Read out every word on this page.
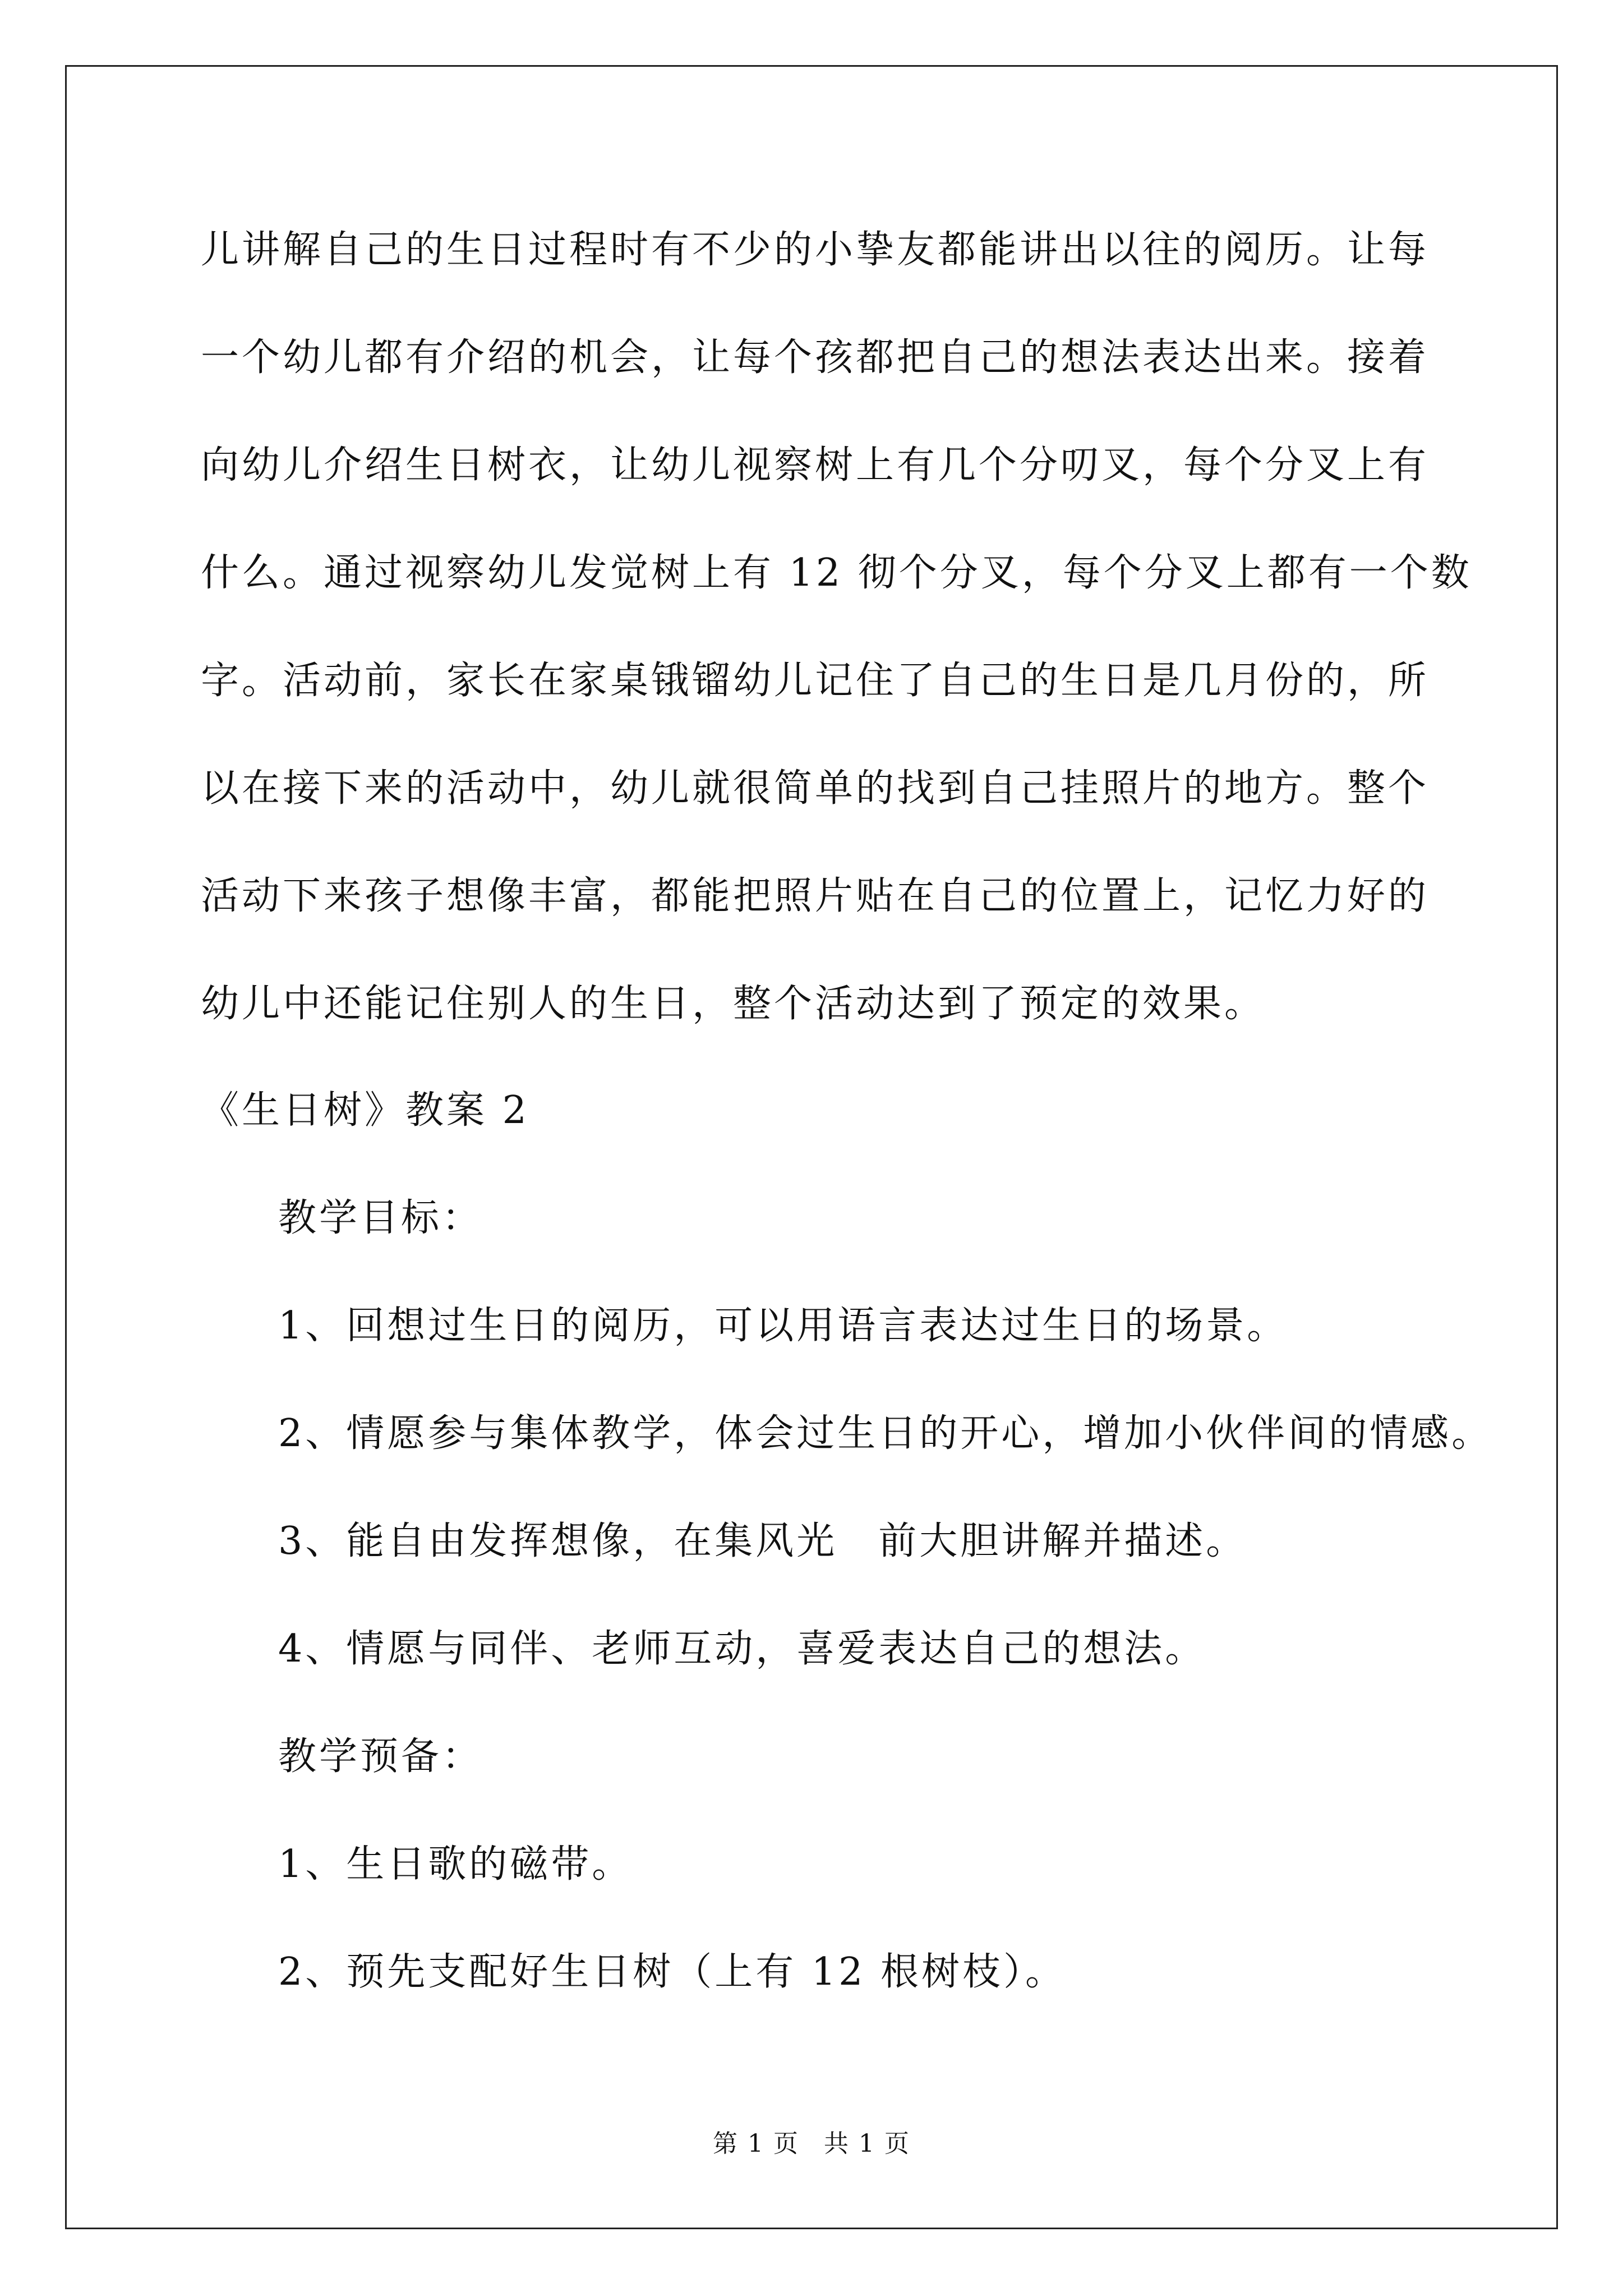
儿讲解自己的生日过程时有不少的小挚友都能讲出以往的阅历。让每
一个幼儿都有介绍的机会，让每个孩都把自己的想法表达出来。接着
向幼儿介绍生日树衣，让幼儿视察树上有几个分叨叉，每个分叉上有
什么。通过视察幼儿发觉树上有 12 彻个分叉，每个分叉上都有一个数
字。活动前，家长在家桌锇镏幼儿记住了自己的生日是几月份的，所
以在接下来的活动中，幼儿就很简单的找到自己挂照片的地方。整个
活动下来孩子想像丰富，都能把照片贴在自己的位置上，记忆力好的
幼儿中还能记住别人的生日，整个活动达到了预定的效果。
《生日树》教案 2
教学目标：
1、回想过生日的阅历，可以用语言表达过生日的场景。
2、情愿参与集体教学，体会过生日的开心，增加小伙伴间的情感。
3、能自由发挥想像，在集风光　前大胆讲解并描述。
4、情愿与同伴、老师互动，喜爱表达自己的想法。
教学预备：
1、生日歌的磁带。
2、预先支配好生日树（上有 12 根树枝）。
第 1 页 共 1 页
